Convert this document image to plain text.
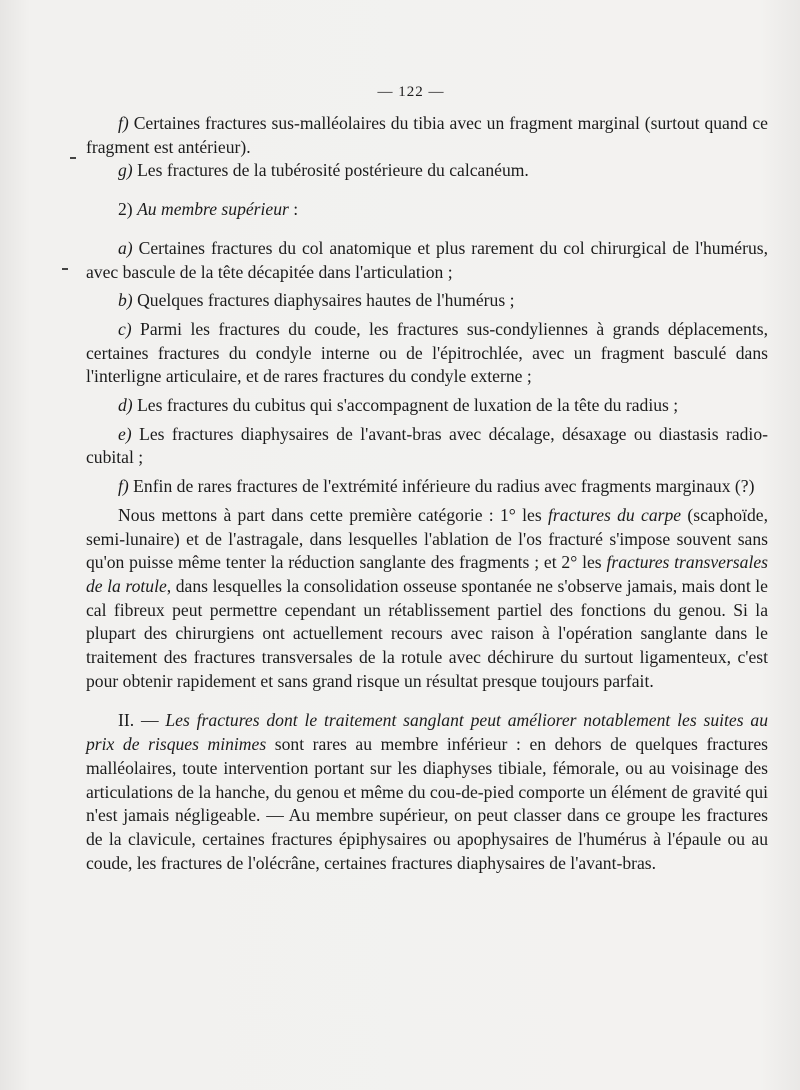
— 122 —

f) Certaines fractures sus-malléolaires du tibia avec un fragment marginal (surtout quand ce fragment est antérieur).

g) Les fractures de la tubérosité postérieure du calcanéum.

2) Au membre supérieur :

a) Certaines fractures du col anatomique et plus rarement du col chirurgical de l'humérus, avec bascule de la tête décapitée dans l'articulation ;

b) Quelques fractures diaphysaires hautes de l'humérus ;

c) Parmi les fractures du coude, les fractures sus-condyliennes à grands déplacements, certaines fractures du condyle interne ou de l'épitrochlée, avec un fragment basculé dans l'interligne articulaire, et de rares fractures du condyle externe ;

d) Les fractures du cubitus qui s'accompagnent de luxation de la tête du radius ;

e) Les fractures diaphysaires de l'avant-bras avec décalage, désaxage ou diastasis radio-cubital ;

f) Enfin de rares fractures de l'extrémité inférieure du radius avec fragments marginaux (?)

Nous mettons à part dans cette première catégorie : 1° les fractures du carpe (scaphoïde, semi-lunaire) et de l'astragale, dans lesquelles l'ablation de l'os fracturé s'impose souvent sans qu'on puisse même tenter la réduction sanglante des fragments ; et 2° les fractures transversales de la rotule, dans lesquelles la consolidation osseuse spontanée ne s'observe jamais, mais dont le cal fibreux peut permettre cependant un rétablissement partiel des fonctions du genou. Si la plupart des chirurgiens ont actuellement recours avec raison à l'opération sanglante dans le traitement des fractures transversales de la rotule avec déchirure du surtout ligamenteux, c'est pour obtenir rapidement et sans grand risque un résultat presque toujours parfait.

II. — Les fractures dont le traitement sanglant peut améliorer notablement les suites au prix de risques minimes sont rares au membre inférieur : en dehors de quelques fractures malléolaires, toute intervention portant sur les diaphyses tibiale, fémorale, ou au voisinage des articulations de la hanche, du genou et même du cou-de-pied comporte un élément de gravité qui n'est jamais négligeable. — Au membre supérieur, on peut classer dans ce groupe les fractures de la clavicule, certaines fractures épiphysaires ou apophysaires de l'humérus à l'épaule ou au coude, les fractures de l'olécrâne, certaines fractures diaphysaires de l'avant-bras.
